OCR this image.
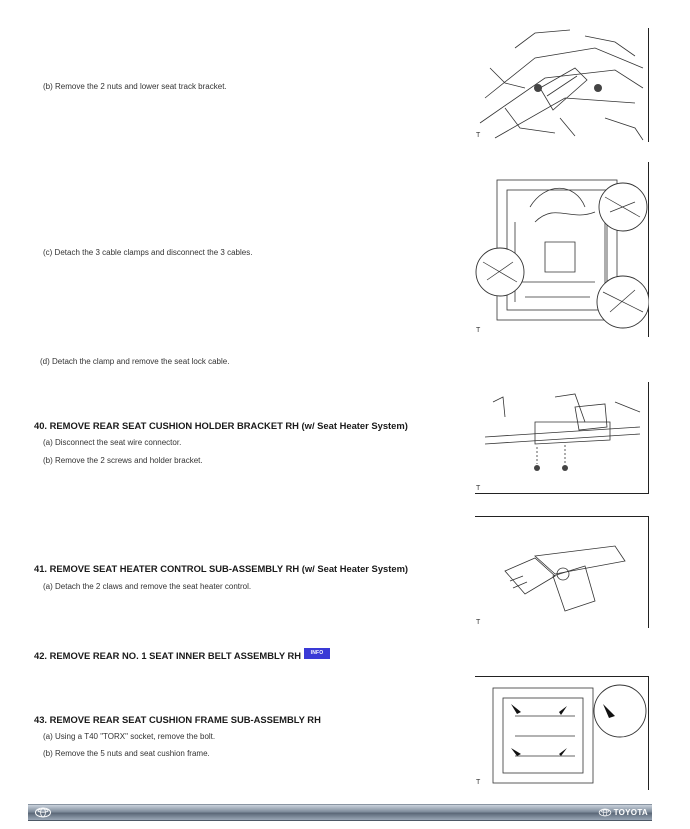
(b) Remove the 2 nuts and lower seat track bracket.
(c) Detach the 3 cable clamps and disconnect the 3 cables.
(d) Detach the clamp and remove the seat lock cable.
40. REMOVE REAR SEAT CUSHION HOLDER BRACKET RH (w/ Seat Heater System)
(a) Disconnect the seat wire connector.
(b) Remove the 2 screws and holder bracket.
41. REMOVE SEAT HEATER CONTROL SUB-ASSEMBLY RH (w/ Seat Heater System)
(a) Detach the 2 claws and remove the seat heater control.
42. REMOVE REAR NO. 1 SEAT INNER BELT ASSEMBLY RH	INFO
43. REMOVE REAR SEAT CUSHION FRAME SUB-ASSEMBLY RH
(a) Using a T40 "TORX" socket, remove the bolt.
(b) Remove the 5 nuts and seat cushion frame.
T
T
T
T
T
TOYOTA
